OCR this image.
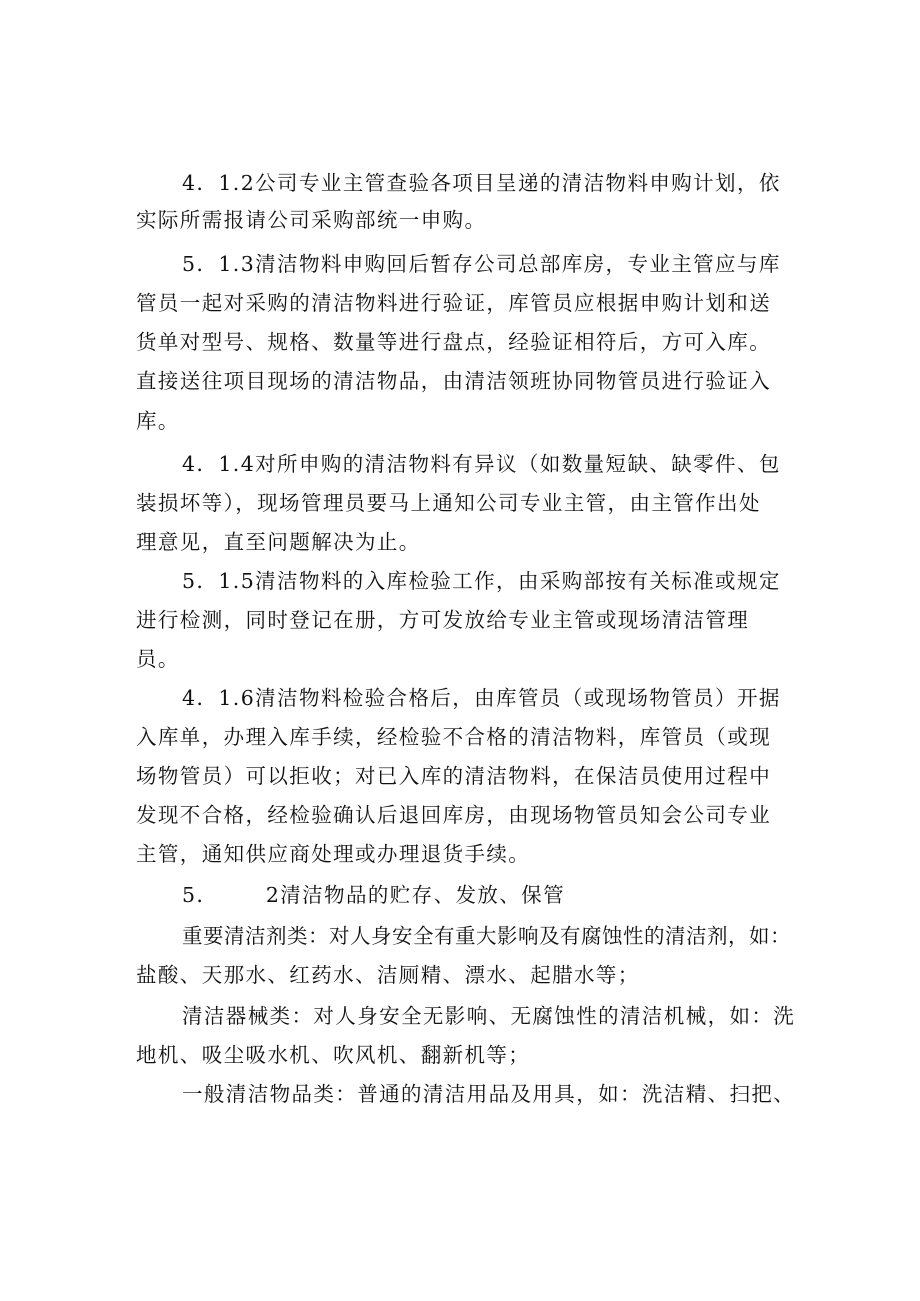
4．1.2公司专业主管查验各项目呈递的清洁物料申购计划，依
实际所需报请公司采购部统一申购。
5．1.3清洁物料申购回后暂存公司总部库房，专业主管应与库
管员一起对采购的清洁物料进行验证，库管员应根据申购计划和送
货单对型号、规格、数量等进行盘点，经验证相符后，方可入库。
直接送往项目现场的清洁物品，由清洁领班协同物管员进行验证入
库。
4．1.4对所申购的清洁物料有异议（如数量短缺、缺零件、包
装损坏等），现场管理员要马上通知公司专业主管，由主管作出处
理意见，直至问题解决为止。
5．1.5清洁物料的入库检验工作，由采购部按有关标准或规定
进行检测，同时登记在册，方可发放给专业主管或现场清洁管理
员。
4．1.6清洁物料检验合格后，由库管员（或现场物管员）开据
入库单，办理入库手续，经检验不合格的清洁物料，库管员（或现
场物管员）可以拒收；对已入库的清洁物料，在保洁员使用过程中
发现不合格，经检验确认后退回库房，由现场物管员知会公司专业
主管，通知供应商处理或办理退货手续。
5．      2清洁物品的贮存、发放、保管
重要清洁剂类：对人身安全有重大影响及有腐蚀性的清洁剂，如：
盐酸、天那水、红药水、洁厕精、漂水、起腊水等；
清洁器械类：对人身安全无影响、无腐蚀性的清洁机械，如：洗
地机、吸尘吸水机、吹风机、翻新机等；
一般清洁物品类：普通的清洁用品及用具，如：洗洁精、扫把、
